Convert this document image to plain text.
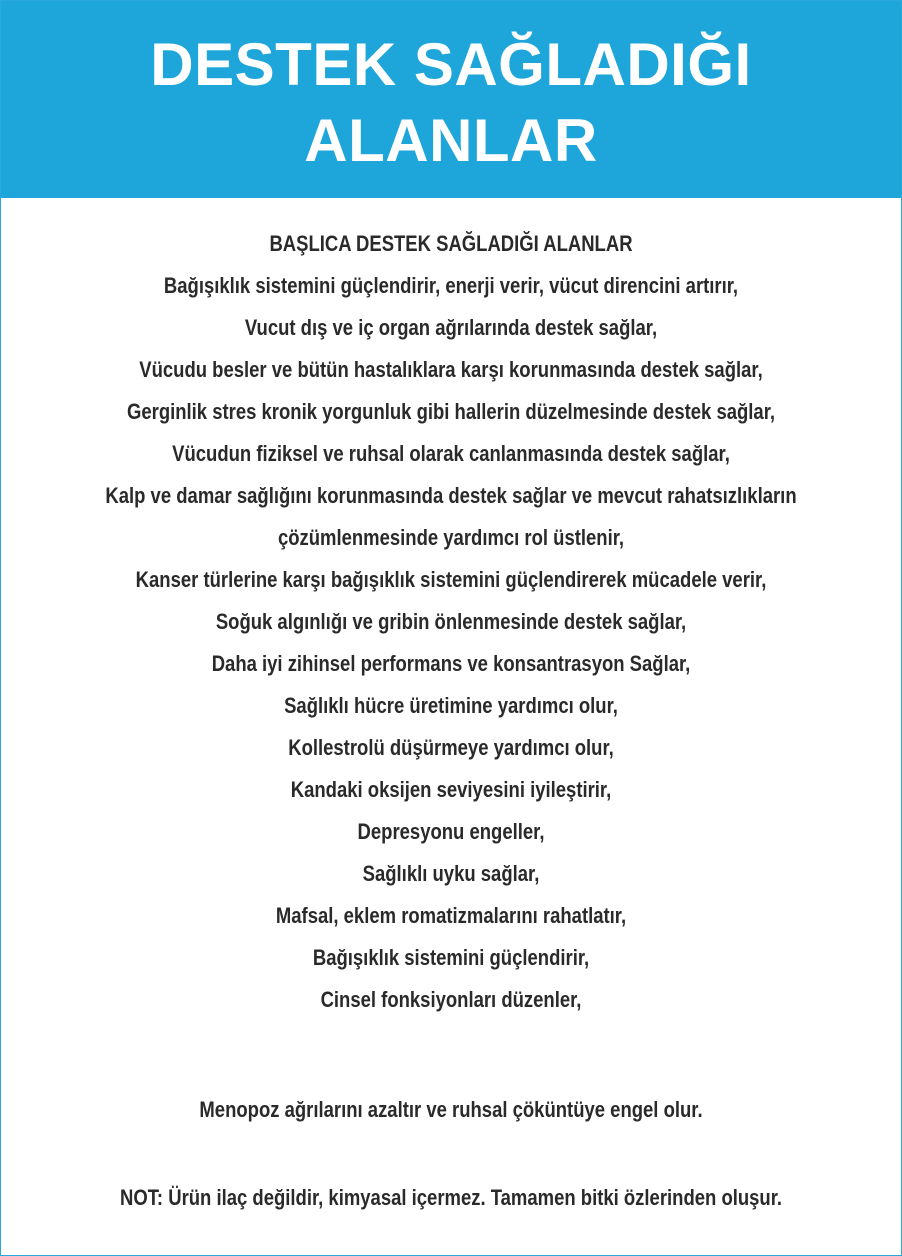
DESTEK SAĞLADIĞI
ALANLAR
BAŞLICA DESTEK SAĞLADIĞI ALANLAR
Bağışıklık sistemini güçlendirir, enerji verir, vücut direncini artırır,
Vucut dış ve iç organ ağrılarında destek sağlar,
Vücudu besler ve bütün hastalıklara karşı korunmasında destek sağlar,
Gerginlik stres kronik yorgunluk gibi hallerin düzelmesinde destek sağlar,
Vücudun fiziksel ve ruhsal olarak canlanmasında destek sağlar,
Kalp ve damar sağlığını korunmasında destek sağlar ve mevcut rahatsızlıkların
çözümlenmesinde yardımcı rol üstlenir,
Kanser türlerine karşı bağışıklık sistemini güçlendirerek mücadele verir,
Soğuk algınlığı ve gribin önlenmesinde destek sağlar,
Daha iyi zihinsel performans ve konsantrasyon Sağlar,
Sağlıklı hücre üretimine yardımcı olur,
Kollestrolü düşürmeye yardımcı olur,
Kandaki oksijen seviyesini iyileştirir,
Depresyonu engeller,
Sağlıklı uyku sağlar,
Mafsal, eklem romatizmalarını rahatlatır,
Bağışıklık sistemini güçlendirir,
Cinsel fonksiyonları düzenler,
Menopoz ağrılarını azaltır ve ruhsal çöküntüye engel olur.
NOT: Ürün ilaç değildir, kimyasal içermez. Tamamen bitki özlerinden oluşur.
